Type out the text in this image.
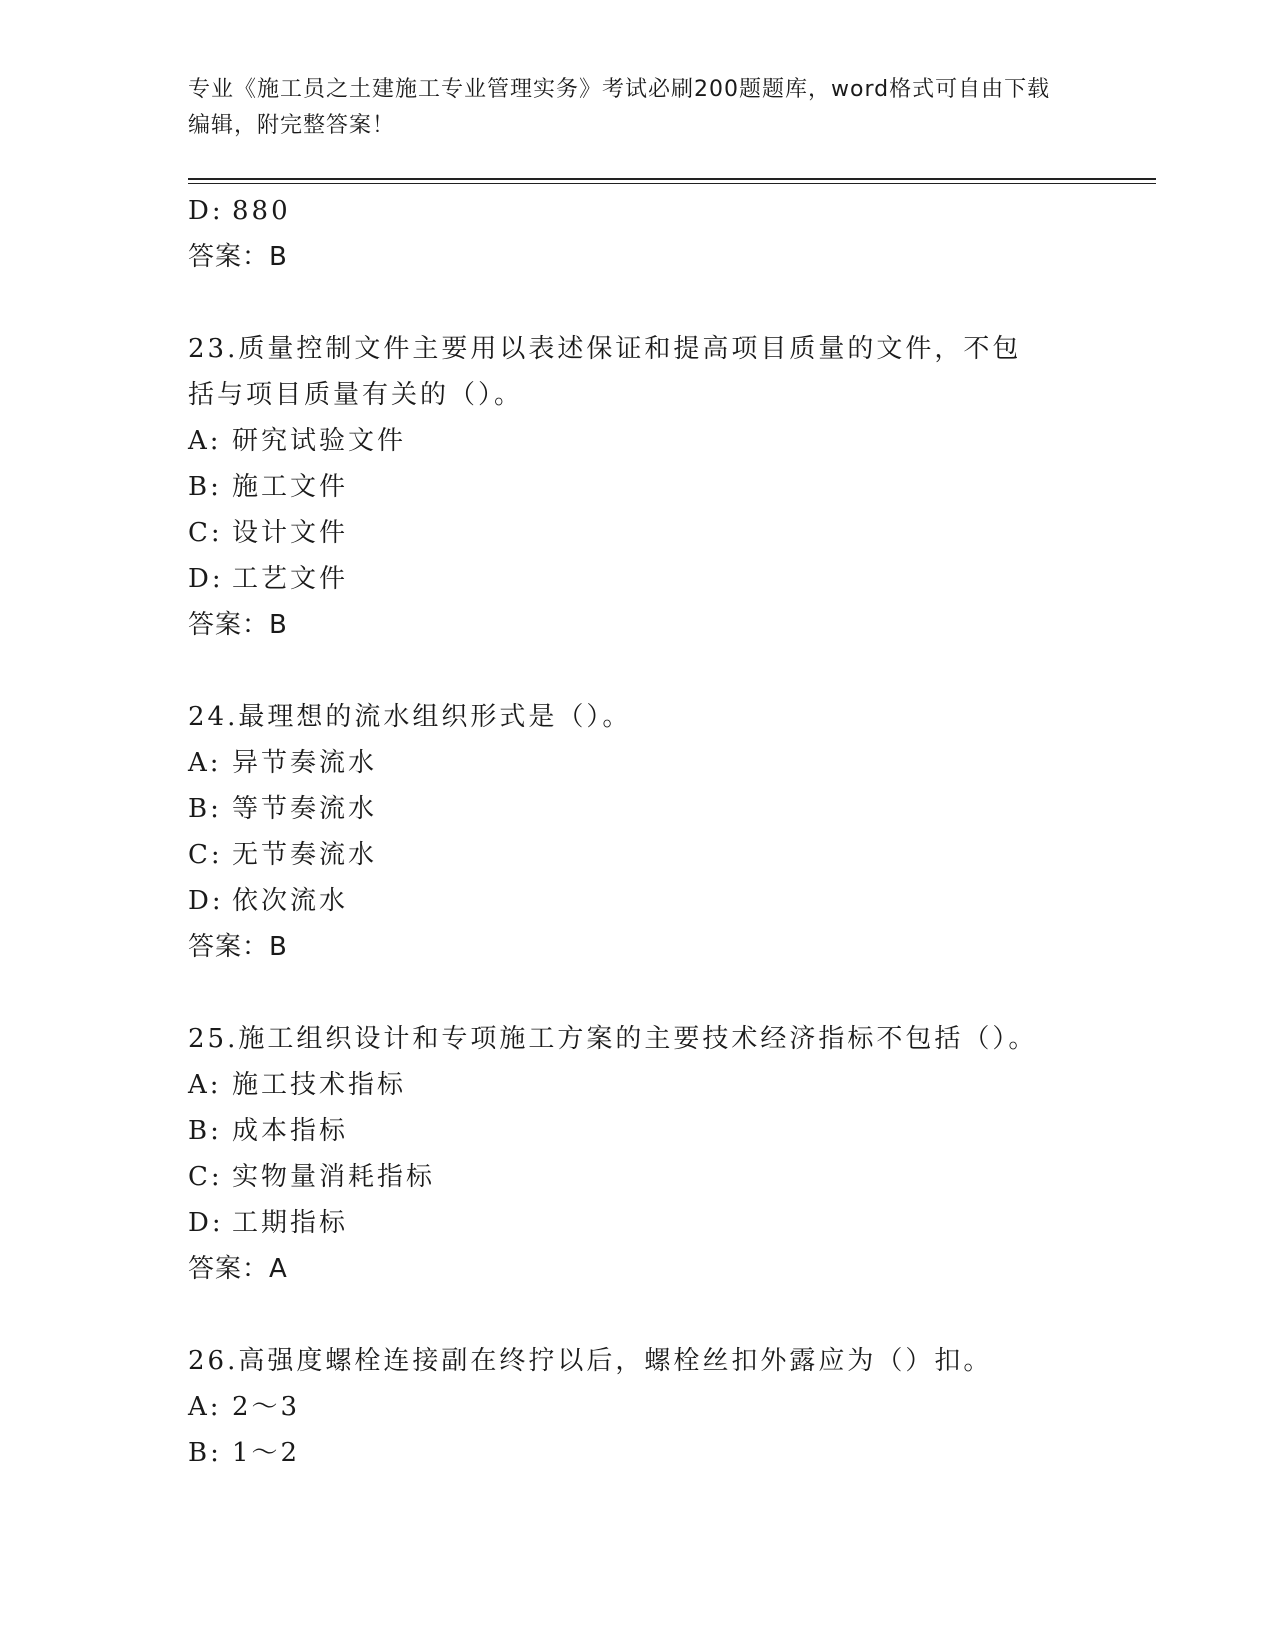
专业《施工员之土建施工专业管理实务》考试必刷200题题库，word格式可自由下载编辑，附完整答案！
D: 880
答案：B
23.质量控制文件主要用以表述保证和提高项目质量的文件，不包括与项目质量有关的（）。
A: 研究试验文件
B: 施工文件
C: 设计文件
D: 工艺文件
答案：B
24.最理想的流水组织形式是（）。
A: 异节奏流水
B: 等节奏流水
C: 无节奏流水
D: 依次流水
答案：B
25.施工组织设计和专项施工方案的主要技术经济指标不包括（）。
A: 施工技术指标
B: 成本指标
C: 实物量消耗指标
D: 工期指标
答案：A
26.高强度螺栓连接副在终拧以后，螺栓丝扣外露应为（）扣。
A: 2～3
B: 1～2
